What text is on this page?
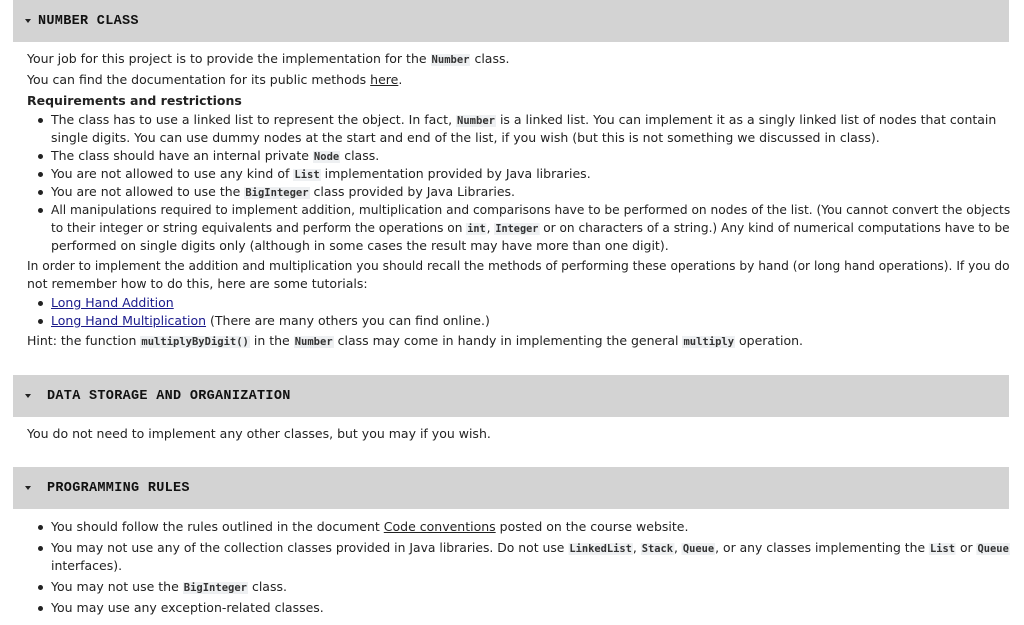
NUMBER CLASS
Your job for this project is to provide the implementation for the Number class.
You can find the documentation for its public methods here.
Requirements and restrictions
The class has to use a linked list to represent the object. In fact, Number is a linked list. You can implement it as a singly linked list of nodes that contain
single digits. You can use dummy nodes at the start and end of the list, if you wish (but this is not something we discussed in class).
The class should have an internal private Node class.
You are not allowed to use any kind of List implementation provided by Java libraries.
You are not allowed to use the BigInteger class provided by Java Libraries.
All manipulations required to implement addition, multiplication and comparisons have to be performed on nodes of the list. (You cannot convert the objects
to their integer or string equivalents and perform the operations on int, Integer or on characters of a string.) Any kind of numerical computations have to be
performed on single digits only (although in some cases the result may have more than one digit).
In order to implement the addition and multiplication you should recall the methods of performing these operations by hand (or long hand operations). If you do
not remember how to do this, here are some tutorials:
Long Hand Addition
Long Hand Multiplication (There are many others you can find online.)
Hint: the function multiplyByDigit() in the Number class may come in handy in implementing the general multiply operation.
DATA STORAGE AND ORGANIZATION
You do not need to implement any other classes, but you may if you wish.
PROGRAMMING RULES
You should follow the rules outlined in the document Code conventions posted on the course website.
You may not use any of the collection classes provided in Java libraries. Do not use LinkedList, Stack, Queue, or any classes implementing the List or Queue
interfaces).
You may not use the BigInteger class.
You may use any exception-related classes.
